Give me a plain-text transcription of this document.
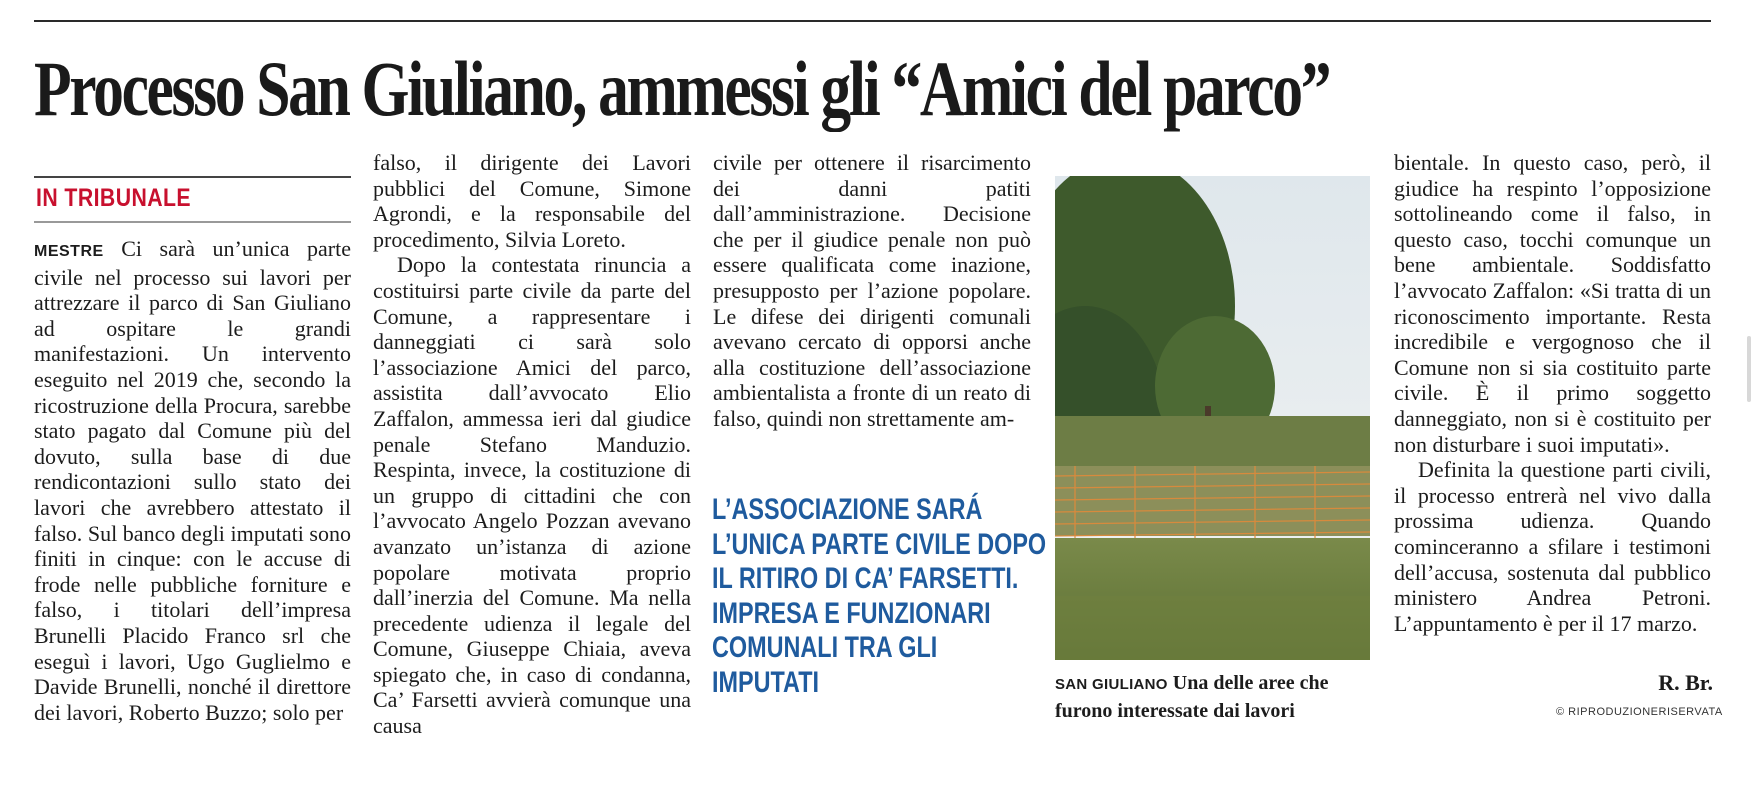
Processo San Giuliano, ammessi gli “Amici del parco”

IN TRIBUNALE

MESTRE Ci sarà un’unica parte civile nel processo sui lavori per attrezzare il parco di San Giuliano ad ospitare le grandi manifestazioni. Un intervento eseguito nel 2019 che, secondo la ricostruzione della Procura, sarebbe stato pagato dal Comune più del dovuto, sulla base di due rendicontazioni sullo stato dei lavori che avrebbero attestato il falso. Sul banco degli imputati sono finiti in cinque: con le accuse di frode nelle pubbliche forniture e falso, i titolari dell’impresa Brunelli Placido Franco srl che eseguì i lavori, Ugo Guglielmo e Davide Brunelli, nonché il direttore dei lavori, Roberto Buzzo; solo per

falso, il dirigente dei Lavori pubblici del Comune, Simone Agrondi, e la responsabile del procedimento, Silvia Loreto.

Dopo la contestata rinuncia a costituirsi parte civile da parte del Comune, a rappresentare i danneggiati ci sarà solo l’associazione Amici del parco, assistita dall’avvocato Elio Zaffalon, ammessa ieri dal giudice penale Stefano Manduzio. Respinta, invece, la costituzione di un gruppo di cittadini che con l’avvocato Angelo Pozzan avevano avanzato un’istanza di azione popolare motivata proprio dall’inerzia del Comune. Ma nella precedente udienza il legale del Comune, Giuseppe Chiaia, aveva spiegato che, in caso di condanna, Ca’ Farsetti avvierà comunque una causa

civile per ottenere il risarcimento dei danni patiti dall’amministrazione. Decisione che per il giudice penale non può essere qualificata come inazione, presupposto per l’azione popolare. Le difese dei dirigenti comunali avevano cercato di opporsi anche alla costituzione dell’associazione ambientalista a fronte di un reato di falso, quindi non strettamente am-

L’ASSOCIAZIONE SARÁ L’UNICA PARTE CIVILE DOPO IL RITIRO DI CA’ FARSETTI. IMPRESA E FUNZIONARI COMUNALI TRA GLI IMPUTATI	SAN GIULIANO Una delle aree che furono interessate dai lavori

bientale. In questo caso, però, il giudice ha respinto l’opposizione sottolineando come il falso, in questo caso, tocchi comunque un bene ambientale. Soddisfatto l’avvocato Zaffalon: «Si tratta di un riconoscimento importante. Resta incredibile e vergognoso che il Comune non si sia costituito parte civile. È il primo soggetto danneggiato, non si è costituito per non disturbare i suoi imputati».

Definita la questione parti civili, il processo entrerà nel vivo dalla prossima udienza. Quando cominceranno a sfilare i testimoni dell’accusa, sostenuta dal pubblico ministero Andrea Petroni. L’appuntamento è per il 17 marzo.

R. Br.

© RIPRODUZIONERISERVATA
